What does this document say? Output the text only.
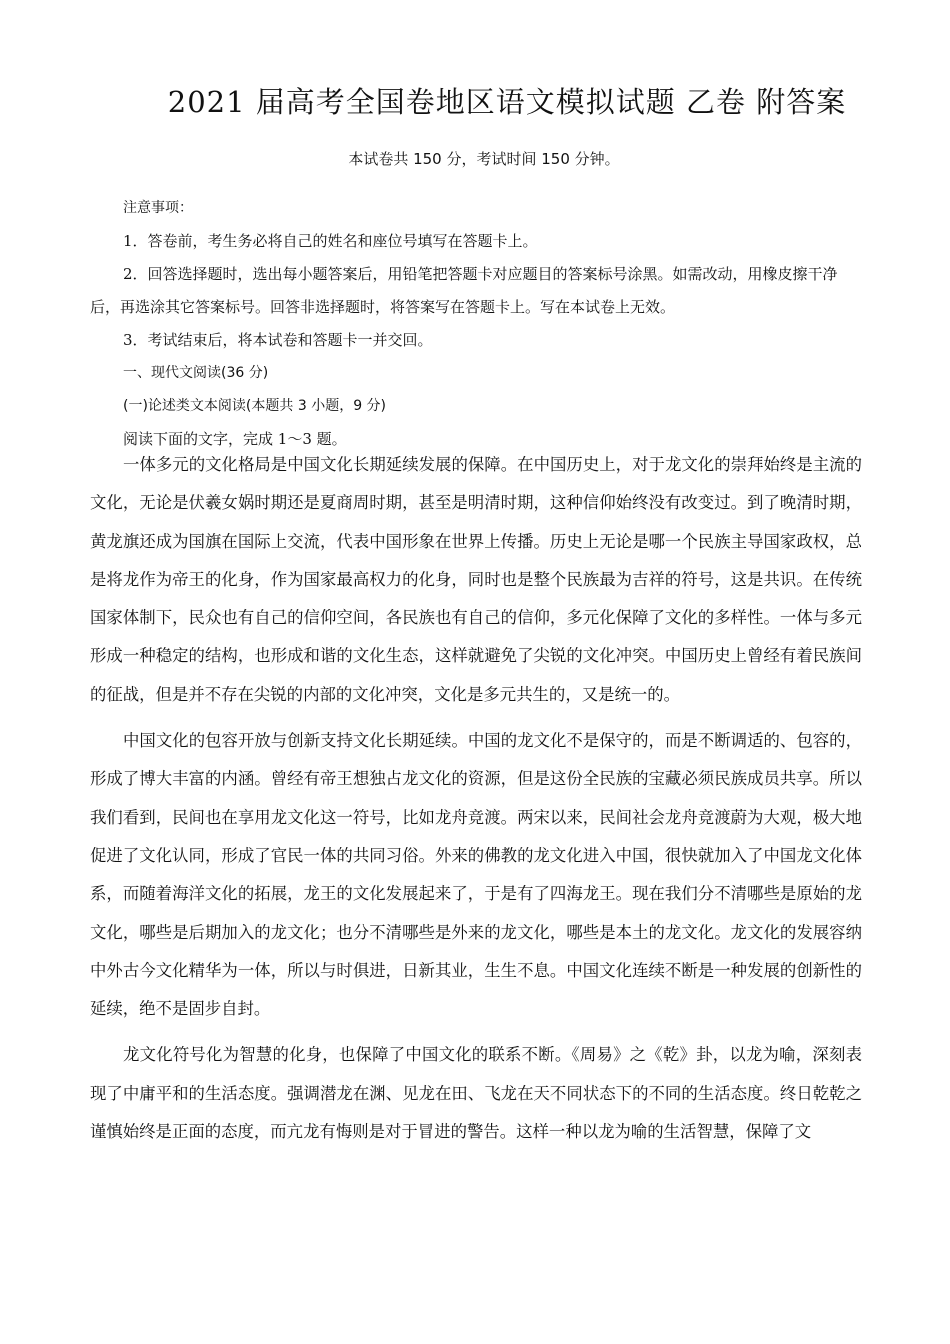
2021 届高考全国卷地区语文模拟试题 乙卷 附答案
本试卷共 150 分，考试时间 150 分钟。

注意事项：

1．答卷前，考生务必将自己的姓名和座位号填写在答题卡上。

2．回答选择题时，选出每小题答案后，用铅笔把答题卡对应题目的答案标号涂黑。如需改动，用橡皮擦干净后，再选涂其它答案标号。回答非选择题时，将答案写在答题卡上。写在本试卷上无效。

3．考试结束后，将本试卷和答题卡一并交回。

一、现代文阅读(36 分)

(一)论述类文本阅读(本题共 3 小题，9 分)

阅读下面的文字，完成 1～3 题。

一体多元的文化格局是中国文化长期延续发展的保障。在中国历史上，对于龙文化的崇拜始终是主流的文化，无论是伏羲女娲时期还是夏商周时期，甚至是明清时期，这种信仰始终没有改变过。到了晚清时期，黄龙旗还成为国旗在国际上交流，代表中国形象在世界上传播。历史上无论是哪一个民族主导国家政权，总是将龙作为帝王的化身，作为国家最高权力的化身，同时也是整个民族最为吉祥的符号，这是共识。在传统国家体制下，民众也有自己的信仰空间，各民族也有自己的信仰，多元化保障了文化的多样性。一体与多元形成一种稳定的结构，也形成和谐的文化生态，这样就避免了尖锐的文化冲突。中国历史上曾经有着民族间的征战，但是并不存在尖锐的内部的文化冲突，文化是多元共生的，又是统一的。

中国文化的包容开放与创新支持文化长期延续。中国的龙文化不是保守的，而是不断调适的、包容的，形成了博大丰富的内涵。曾经有帝王想独占龙文化的资源，但是这份全民族的宝藏必须民族成员共享。所以我们看到，民间也在享用龙文化这一符号，比如龙舟竞渡。两宋以来，民间社会龙舟竞渡蔚为大观，极大地促进了文化认同，形成了官民一体的共同习俗。外来的佛教的龙文化进入中国，很快就加入了中国龙文化体系，而随着海洋文化的拓展，龙王的文化发展起来了，于是有了四海龙王。现在我们分不清哪些是原始的龙文化，哪些是后期加入的龙文化；也分不清哪些是外来的龙文化，哪些是本土的龙文化。龙文化的发展容纳中外古今文化精华为一体，所以与时俱进，日新其业，生生不息。中国文化连续不断是一种发展的创新性的延续，绝不是固步自封。

龙文化符号化为智慧的化身，也保障了中国文化的联系不断。《周易》之《乾》卦，以龙为喻，深刻表现了中庸平和的生活态度。强调潜龙在渊、见龙在田、飞龙在天不同状态下的不同的生活态度。终日乾乾之谨慎始终是正面的态度，而亢龙有悔则是对于冒进的警告。这样一种以龙为喻的生活智慧，保障了文
